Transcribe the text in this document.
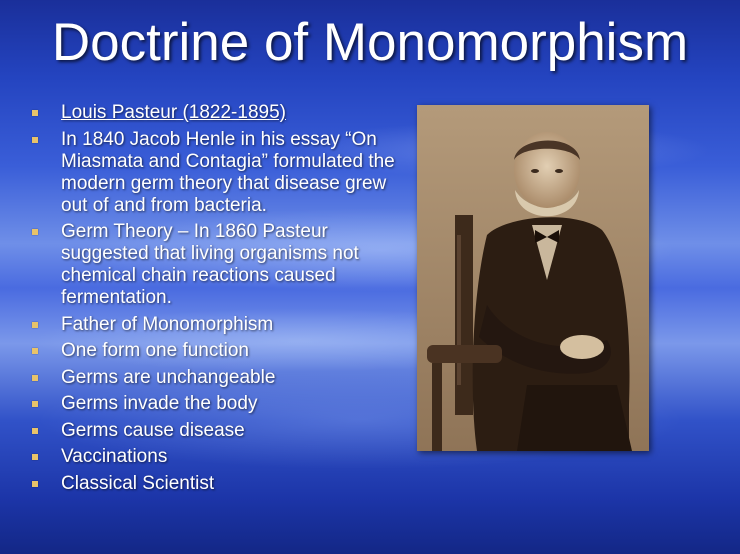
Doctrine of Monomorphism
Louis Pasteur (1822-1895)
In 1840 Jacob Henle in his essay “On Miasmata and Contagia” formulated the modern germ theory that disease grew out of and from bacteria.
Germ Theory – In 1860 Pasteur suggested that living organisms not chemical chain reactions caused fermentation.
Father of Monomorphism
One form one function
Germs are unchangeable
Germs invade the body
Germs cause disease
Vaccinations
Classical Scientist
